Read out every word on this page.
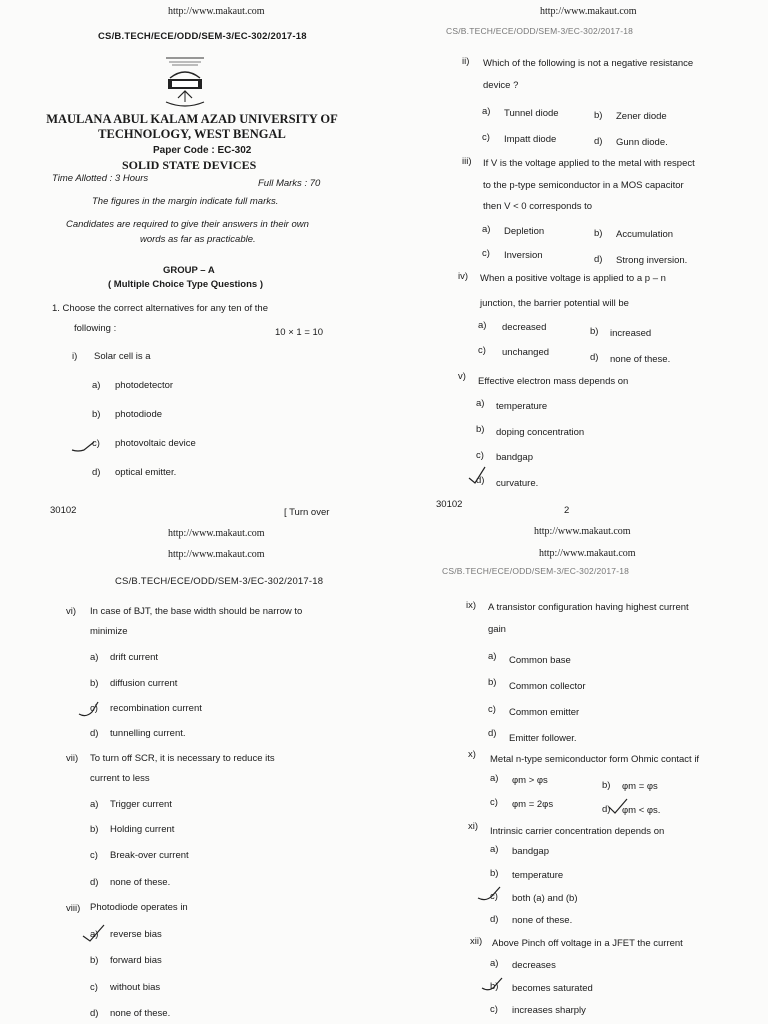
http://www.makaut.com
CS/B.TECH/ECE/ODD/SEM-3/EC-302/2017-18
MAULANA ABUL KALAM AZAD UNIVERSITY OF
TECHNOLOGY, WEST BENGAL
Paper Code : EC-302
SOLID STATE DEVICES
Time Allotted : 3 Hours	Full Marks : 70
The figures in the margin indicate full marks.
Candidates are required to give their answers in their own
words as far as practicable.
GROUP – A
( Multiple Choice Type Questions )
1. Choose the correct alternatives for any ten of the
following :	10 × 1 = 10
i) Solar cell is a
a) photodetector
b) photodiode
c) photovoltaic device
d) optical emitter.
30102	[ Turn over
http://www.makaut.com
CS/B.TECH/ECE/ODD/SEM-3/EC-302/2017-18
ii) Which of the following is not a negative resistance
device ?
a) Tunnel diode	b) Zener diode
c) Impatt diode	d) Gunn diode.
iii) If V is the voltage applied to the metal with respect
to the p-type semiconductor in a MOS capacitor
then V < 0 corresponds to
a) Depletion	b) Accumulation
c) Inversion	d) Strong inversion.
iv) When a positive voltage is applied to a p – n
junction, the barrier potential will be
a) decreased	b) increased
c) unchanged	d) none of these.
v) Effective electron mass depends on
a) temperature
b) doping concentration
c) bandgap
d) curvature.
30102
2
http://www.makaut.com
http://www.makaut.com
CS/B.TECH/ECE/ODD/SEM-3/EC-302/2017-18
vi) In case of BJT, the base width should be narrow to
minimize
a) drift current
b) diffusion current
c) recombination current
d) tunnelling current.
vii) To turn off SCR, it is necessary to reduce its
current to less
a) Trigger current
b) Holding current
c) Break-over current
d) none of these.
viii) Photodiode operates in
a) reverse bias
b) forward bias
c) without bias
d) none of these.
http://www.makaut.com
http://www.makaut.com
CS/B.TECH/ECE/ODD/SEM-3/EC-302/2017-18
ix) A transistor configuration having highest current
gain
a) Common base
b) Common collector
c) Common emitter
d) Emitter follower.
x) Metal n-type semiconductor form Ohmic contact if
a) φm > φs	b) φm = φs
c) φm = 2φs	d) φm < φs.
xi) Intrinsic carrier concentration depends on
a) bandgap
b) temperature
c) both (a) and (b)
d) none of these.
xii) Above Pinch off voltage in a JFET the current
a) decreases
b) becomes saturated
c) increases sharply
